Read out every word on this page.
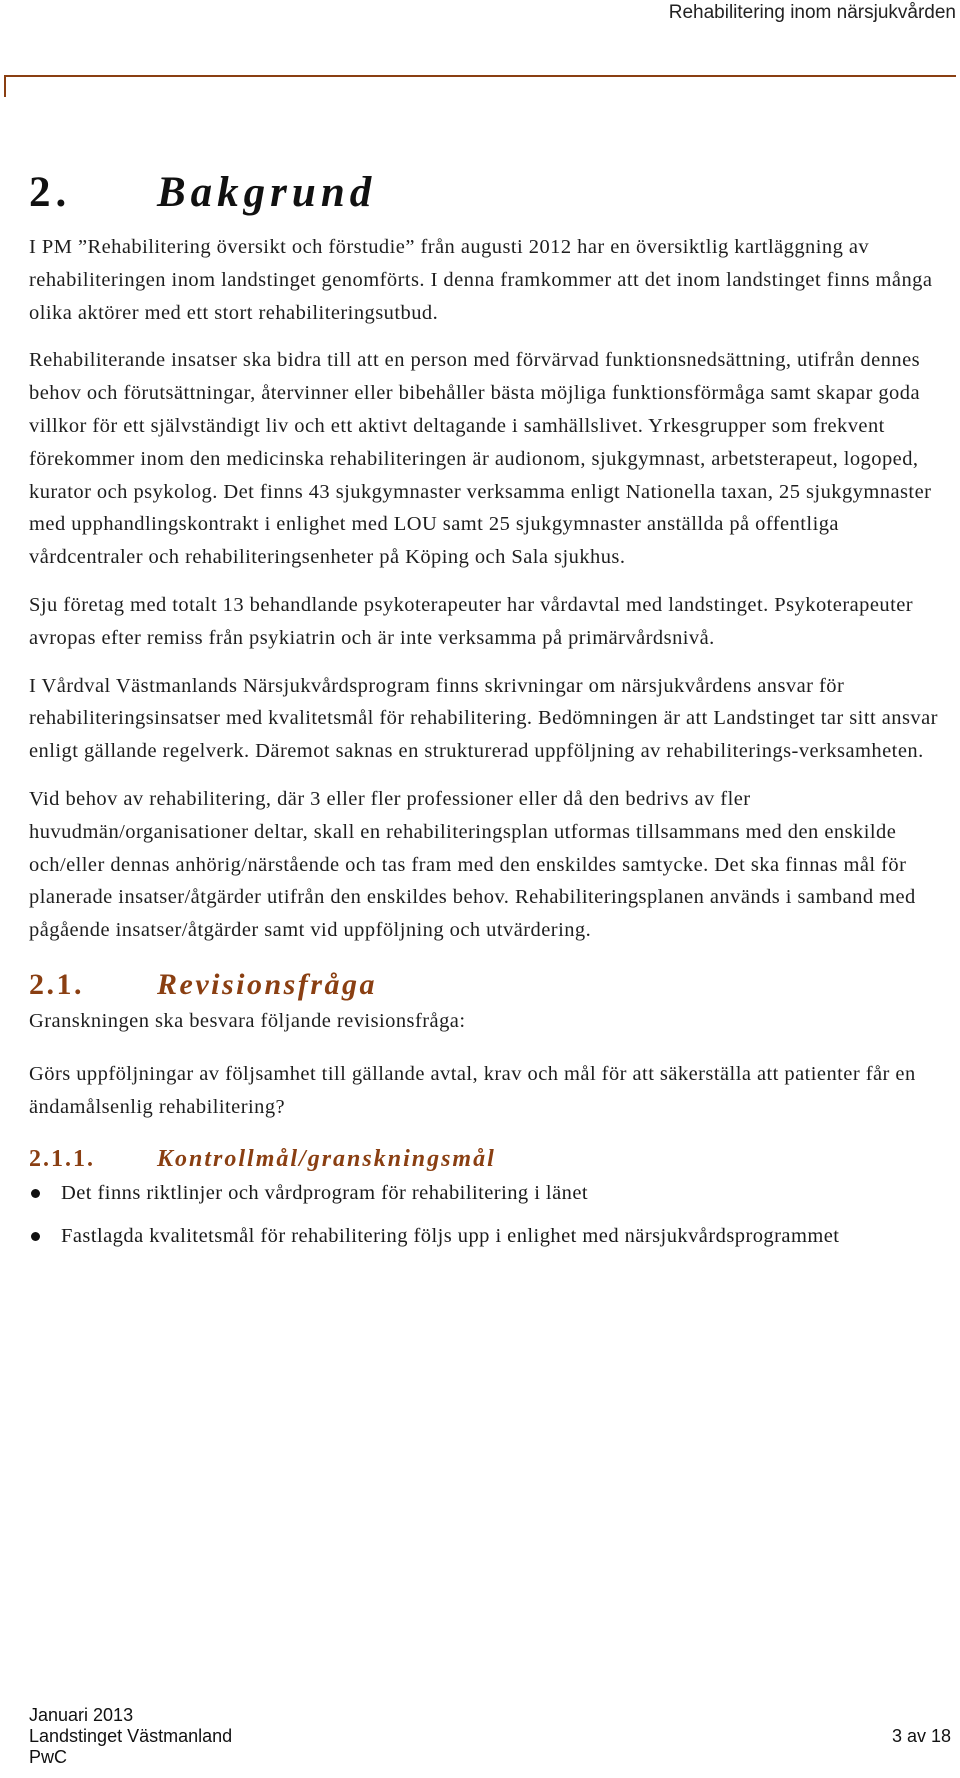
Rehabilitering inom närsjukvården
2.	Bakgrund

I PM ”Rehabilitering översikt och förstudie” från augusti 2012 har en översiktlig kartläggning av rehabiliteringen inom landstinget genomförts. I denna framkommer att det inom landstinget finns många olika aktörer med ett stort rehabiliteringsutbud.

Rehabiliterande insatser ska bidra till att en person med förvärvad funktionsnedsättning, utifrån dennes behov och förutsättningar, återvinner eller bibehåller bästa möjliga funktionsförmåga samt skapar goda villkor för ett självständigt liv och ett aktivt deltagande i samhällslivet. Yrkesgrupper som frekvent förekommer inom den medicinska rehabiliteringen är audionom, sjukgymnast, arbetsterapeut, logoped, kurator och psykolog. Det finns 43 sjukgymnaster verksamma enligt Nationella taxan, 25 sjukgymnaster med upphandlingskontrakt i enlighet med LOU samt 25 sjukgymnaster anställda på offentliga vårdcentraler och rehabiliteringsenheter på Köping och Sala sjukhus.

Sju företag med totalt 13 behandlande psykoterapeuter har vårdavtal med landstinget. Psykoterapeuter avropas efter remiss från psykiatrin och är inte verksamma på primärvårdsnivå.

I Vårdval Västmanlands Närsjukvårdsprogram finns skrivningar om närsjukvårdens ansvar för rehabiliteringsinsatser med kvalitetsmål för rehabilitering. Bedömningen är att Landstinget tar sitt ansvar enligt gällande regelverk. Däremot saknas en strukturerad uppföljning av rehabiliterings-verksamheten.

Vid behov av rehabilitering, där 3 eller fler professioner eller då den bedrivs av fler huvudmän/organisationer deltar, skall en rehabiliteringsplan utformas tillsammans med den enskilde och/eller dennas anhörig/närstående och tas fram med den enskildes samtycke. Det ska finnas mål för planerade insatser/åtgärder utifrån den enskildes behov. Rehabiliteringsplanen används i samband med pågående insatser/åtgärder samt vid uppföljning och utvärdering.

2.1.	Revisionsfråga

Granskningen ska besvara följande revisionsfråga:

Görs uppföljningar av följsamhet till gällande avtal, krav och mål för att säkerställa att patienter får en ändamålsenlig rehabilitering?

2.1.1.	Kontrollmål/granskningsmål
Det finns riktlinjer och vårdprogram för rehabilitering i länet
Fastlagda kvalitetsmål för rehabilitering följs upp i enlighet med närsjukvårdsprogrammet
Januari 2013
Landstinget Västmanland
PwC
3 av 18
